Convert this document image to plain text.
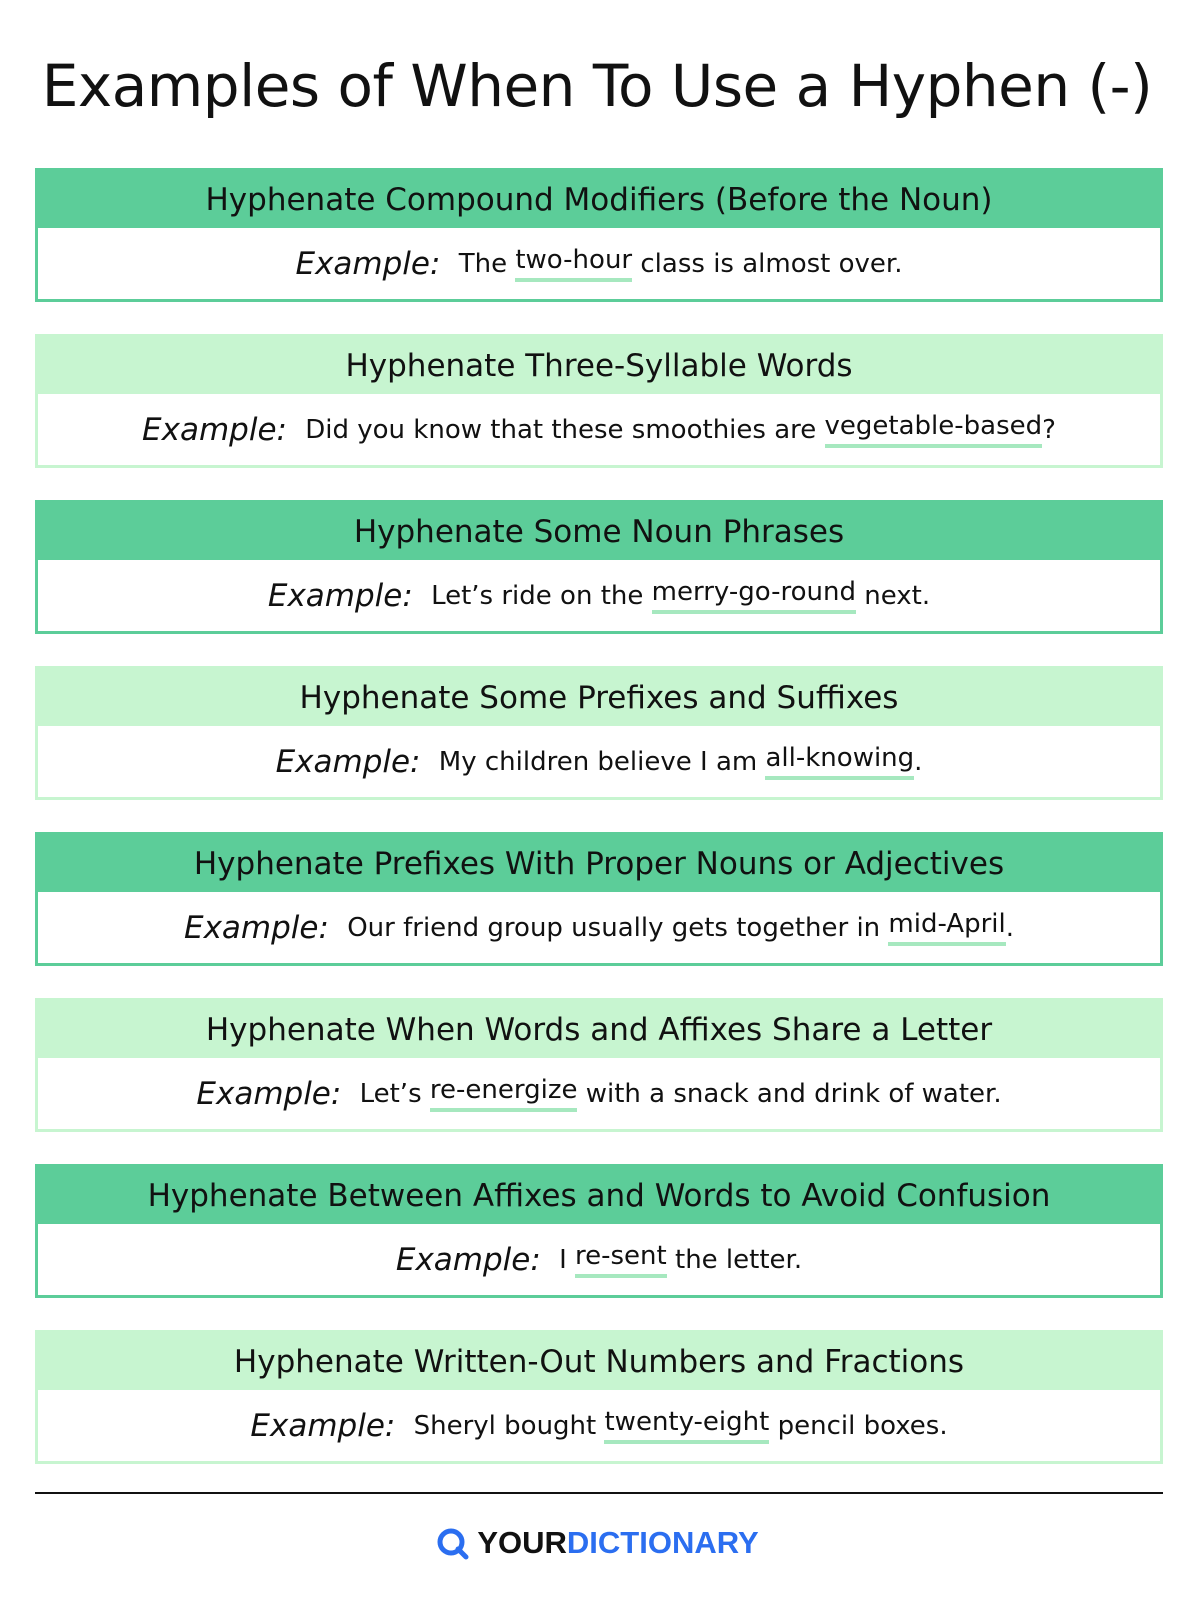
Examples of When To Use a Hyphen (-)
Hyphenate Compound Modifiers (Before the Noun)
Example: The two-hour class is almost over.
Hyphenate Three-Syllable Words
Example: Did you know that these smoothies are vegetable-based ?
Hyphenate Some Noun Phrases
Example: Let’s ride on the merry-go-round next.
Hyphenate Some Prefixes and Suffixes
Example: My children believe I am all-knowing .
Hyphenate Prefixes With Proper Nouns or Adjectives
Example: Our friend group usually gets together in mid-April .
Hyphenate When Words and Affixes Share a Letter
Example: Let’s re-energize with a snack and drink of water.
Hyphenate Between Affixes and Words to Avoid Confusion
Example: I re-sent the letter.
Hyphenate Written-Out Numbers and Fractions
Example: Sheryl bought twenty-eight pencil boxes.
YOUR DICTIONARY
